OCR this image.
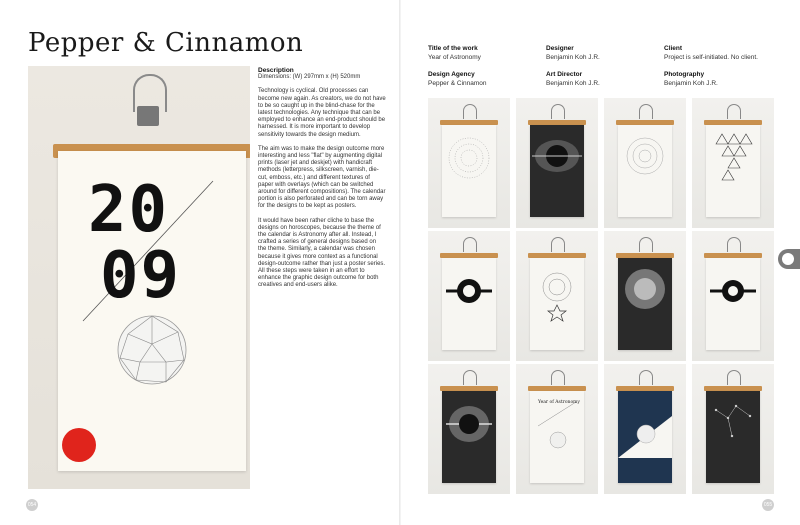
Pepper & Cinnamon
20
09
Description

Dimensions: (W) 297mm x (H) 520mm

Technology is cyclical. Old processes can become new again. As creators, we do not have to be so caught up in the blind-chase for the latest technologies. Any technique that can be employed to enhance an end-product should be harnessed. It is more important to develop sensitivity towards the design medium.

The aim was to make the design outcome more interesting and less "flat" by augmenting digital prints (laser jet and deskjet) with handicraft methods (letterpress, silkscreen, varnish, die-cut, emboss, etc.) and different textures of paper with overlays (which can be switched around for different compositions). The calendar portion is also perforated and can be torn away for the designs to be kept as posters.

It would have been rather cliche to base the designs on horoscopes, because the theme of the calendar is Astronomy after all. Instead, I crafted a series of general designs based on the theme. Similarly, a calendar was chosen because it gives more context as a functional design-outcome rather than just a poster series. All these steps were taken in an effort to enhance the graphic design outcome for both creatives and end-users alike.

054
Title of the work
Year of Astronomy
Designer
Benjamin Koh J.R.
Client
Project is self-initiated. No client.
Design Agency
Pepper & Cinnamon
Art Director
Benjamin Koh J.R.
Photography
Benjamin Koh J.R.
Year of Astronomy
055
